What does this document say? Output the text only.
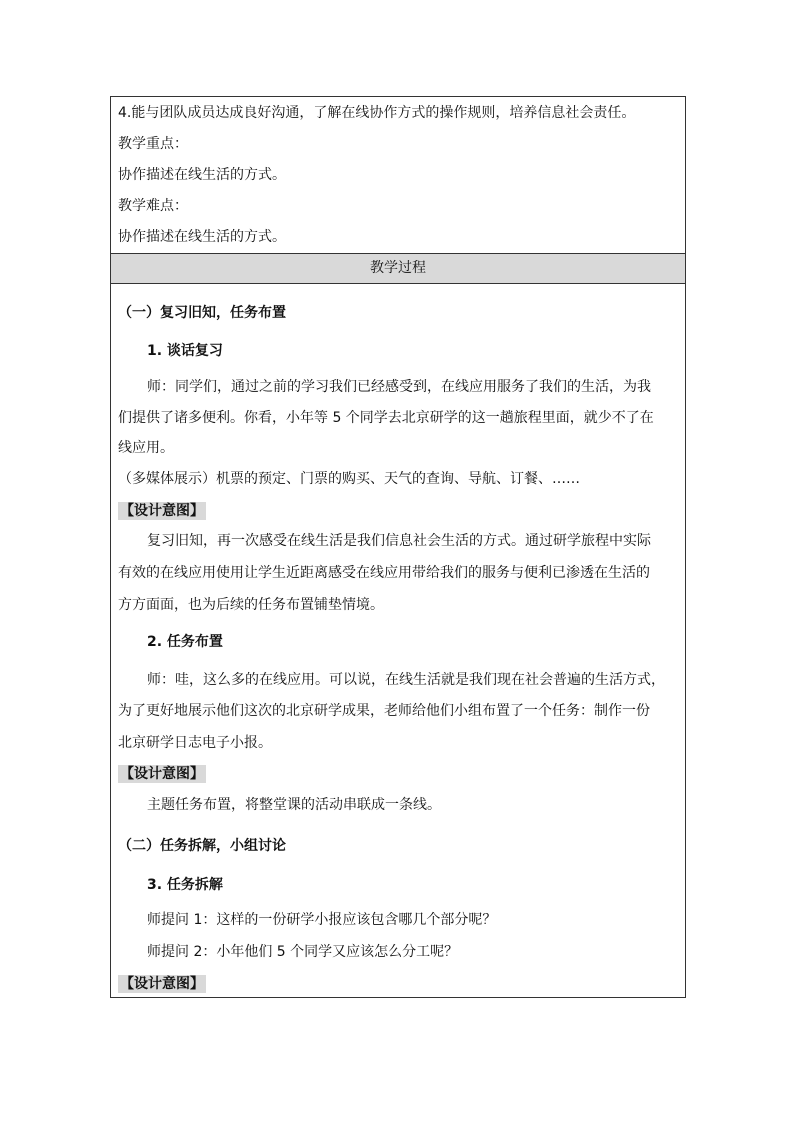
4.能与团队成员达成良好沟通，了解在线协作方式的操作规则，培养信息社会责任。
教学重点：
协作描述在线生活的方式。
教学难点：
协作描述在线生活的方式。
教学过程
（一）复习旧知，任务布置
1. 谈话复习
师：同学们，通过之前的学习我们已经感受到，在线应用服务了我们的生活，为我
们提供了诸多便利。你看，小年等 5 个同学去北京研学的这一趟旅程里面，就少不了在
线应用。
（多媒体展示）机票的预定、门票的购买、天气的查询、导航、订餐、……
【设计意图】
复习旧知，再一次感受在线生活是我们信息社会生活的方式。通过研学旅程中实际
有效的在线应用使用让学生近距离感受在线应用带给我们的服务与便利已渗透在生活的
方方面面，也为后续的任务布置铺垫情境。
2. 任务布置
师：哇，这么多的在线应用。可以说，在线生活就是我们现在社会普遍的生活方式，
为了更好地展示他们这次的北京研学成果，老师给他们小组布置了一个任务：制作一份
北京研学日志电子小报。
【设计意图】
主题任务布置，将整堂课的活动串联成一条线。
（二）任务拆解，小组讨论
3. 任务拆解
师提问 1：这样的一份研学小报应该包含哪几个部分呢？
师提问 2：小年他们 5 个同学又应该怎么分工呢？
【设计意图】
